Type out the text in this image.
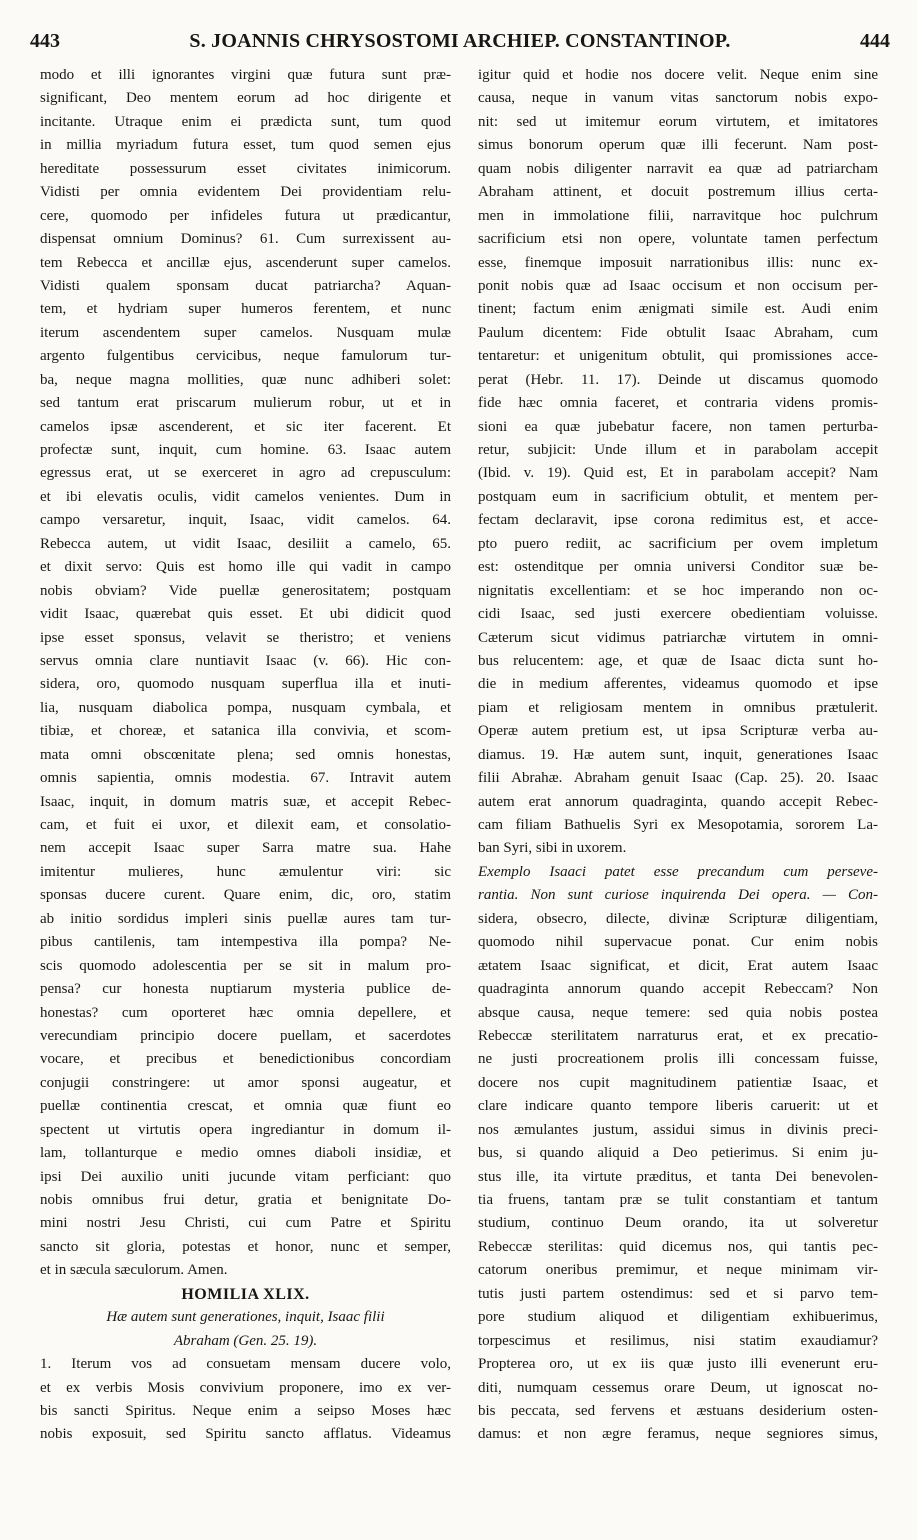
443	S. JOANNIS CHRYSOSTOMI ARCHIEP. CONSTANTINOP.	444
modo et illi ignorantes virgini quæ futura sunt præ-
significant, Deo mentem eorum ad hoc dirigente et
incitante. Utraque enim ei prædicta sunt, tum quod
in millia myriadum futura esset, tum quod semen ejus
hereditate possessurum esset civitates inimicorum.
Vidisti per omnia evidentem Dei providentiam relu-
cere, quomodo per infideles futura ut prædicantur,
dispensat omnium Dominus? 61. Cum surrexissent au-
tem Rebecca et ancillæ ejus, ascenderunt super camelos.
Vidisti qualem sponsam ducat patriarcha? Aquan-
tem, et hydriam super humeros ferentem, et nunc
iterum ascendentem super camelos. Nusquam mulæ
argento fulgentibus cervicibus, neque famulorum tur-
ba, neque magna mollities, quæ nunc adhiberi solet:
sed tantum erat priscarum mulierum robur, ut et in
camelos ipsæ ascenderent, et sic iter facerent. Et
profectæ sunt, inquit, cum homine. 63. Isaac autem
egressus erat, ut se exerceret in agro ad crepusculum:
et ibi elevatis oculis, vidit camelos venientes. Dum in
campo versaretur, inquit, Isaac, vidit camelos. 64.
Rebecca autem, ut vidit Isaac, desiliit a camelo, 65.
et dixit servo: Quis est homo ille qui vadit in campo
nobis obviam? Vide puellæ generositatem; postquam
vidit Isaac, quærebat quis esset. Et ubi didicit quod
ipse esset sponsus, velavit se theristro; et veniens
servus omnia clare nuntiavit Isaac (v. 66). Hic con-
sidera, oro, quomodo nusquam superflua illa et inuti-
lia, nusquam diabolica pompa, nusquam cymbala, et
tibiæ, et choreæ, et satanica illa convivia, et scom-
mata omni obscœnitate plena; sed omnis honestas,
omnis sapientia, omnis modestia. 67. Intravit autem
Isaac, inquit, in domum matris suæ, et accepit Rebec-
cam, et fuit ei uxor, et dilexit eam, et consolatio-
nem accepit Isaac super Sarra matre sua. Hahe
imitentur mulieres, hunc æmulentur viri: sic
sponsas ducere curent. Quare enim, dic, oro, statim
ab initio sordidus impleri sinis puellæ aures tam tur-
pibus cantilenis, tam intempestiva illa pompa? Ne-
scis quomodo adolescentia per se sit in malum pro-
pensa? cur honesta nuptiarum mysteria publice de-
honestas? cum oporteret hæc omnia depellere, et
verecundiam principio docere puellam, et sacerdotes
vocare, et precibus et benedictionibus concordiam
conjugii constringere: ut amor sponsi augeatur, et
puellæ continentia crescat, et omnia quæ fiunt eo
spectent ut virtutis opera ingrediantur in domum il-
lam, tollanturque e medio omnes diaboli insidiæ, et
ipsi Dei auxilio uniti jucunde vitam perficiant: quo
nobis omnibus frui detur, gratia et benignitate Do-
mini nostri Jesu Christi, cui cum Patre et Spiritu
sancto sit gloria, potestas et honor, nunc et semper,
et in sæcula sæculorum. Amen.
HOMILIA XLIX.
Hæ autem sunt generationes, inquit, Isaac filii
Abraham (Gen. 25. 19).
1. Iterum vos ad consuetam mensam ducere volo,
et ex verbis Mosis convivium proponere, imo ex ver-
bis sancti Spiritus. Neque enim a seipso Moses hæc
nobis exposuit, sed Spiritu sancto afflatus. Videamus
igitur quid et hodie nos docere velit. Neque enim sine
causa, neque in vanum vitas sanctorum nobis expo-
nit: sed ut imitemur eorum virtutem, et imitatores
simus bonorum operum quæ illi fecerunt. Nam post-
quam nobis diligenter narravit ea quæ ad patriarcham
Abraham attinent, et docuit postremum illius certa-
men in immolatione filii, narravitque hoc pulchrum
sacrificium etsi non opere, voluntate tamen perfectum
esse, finemque imposuit narrationibus illis: nunc ex-
ponit nobis quæ ad Isaac occisum et non occisum per-
tinent; factum enim ænigmati simile est. Audi enim
Paulum dicentem: Fide obtulit Isaac Abraham, cum
tentaretur: et unigenitum obtulit, qui promissiones acce-
perat (Hebr. 11. 17). Deinde ut discamus quomodo
fide hæc omnia faceret, et contraria videns promis-
sioni ea quæ jubebatur facere, non tamen perturba-
retur, subjicit: Unde illum et in parabolam accepit
(Ibid. v. 19). Quid est, Et in parabolam accepit? Nam
postquam eum in sacrificium obtulit, et mentem per-
fectam declaravit, ipse corona redimitus est, et acce-
pto puero rediit, ac sacrificium per ovem impletum
est: ostenditque per omnia universi Conditor suæ be-
nignitatis excellentiam: et se hoc imperando non oc-
cidi Isaac, sed justi exercere obedientiam voluisse.
Cæterum sicut vidimus patriarchæ virtutem in omni-
bus relucentem: age, et quæ de Isaac dicta sunt ho-
die in medium afferentes, videamus quomodo et ipse
piam et religiosam mentem in omnibus prætulerit.
Operæ autem pretium est, ut ipsa Scripturæ verba au-
diamus. 19. Hæ autem sunt, inquit, generationes Isaac
filii Abrahæ. Abraham genuit Isaac (Cap. 25). 20. Isaac
autem erat annorum quadraginta, quando accepit Rebec-
cam filiam Bathuelis Syri ex Mesopotamia, sororem La-
ban Syri, sibi in uxorem.
Exemplo Isaaci patet esse precandum cum perseve-
rantia. Non sunt curiose inquirenda Dei opera. — Con-
sidera, obsecro, dilecte, divinæ Scripturæ diligentiam,
quomodo nihil supervacue ponat. Cur enim nobis
ætatem Isaac significat, et dicit, Erat autem Isaac
quadraginta annorum quando accepit Rebeccam? Non
absque causa, neque temere: sed quia nobis postea
Rebeccæ sterilitatem narraturus erat, et ex precatio-
ne justi procreationem prolis illi concessam fuisse,
docere nos cupit magnitudinem patientiæ Isaac, et
clare indicare quanto tempore liberis caruerit: ut et
nos æmulantes justum, assidui simus in divinis preci-
bus, si quando aliquid a Deo petierimus. Si enim ju-
stus ille, ita virtute præditus, et tanta Dei benevolen-
tia fruens, tantam præ se tulit constantiam et tantum
studium, continuo Deum orando, ita ut solveretur
Rebeccæ sterilitas: quid dicemus nos, qui tantis pec-
catorum oneribus premimur, et neque minimam vir-
tutis justi partem ostendimus: sed et si parvo tem-
pore studium aliquod et diligentiam exhibuerimus,
torpescimus et resilimus, nisi statim exaudiamur?
Propterea oro, ut ex iis quæ justo illi evenerunt eru-
diti, numquam cessemus orare Deum, ut ignoscat no-
bis peccata, sed fervens et æstuans desiderium osten-
damus: et non ægre feramus, neque segniores simus,
